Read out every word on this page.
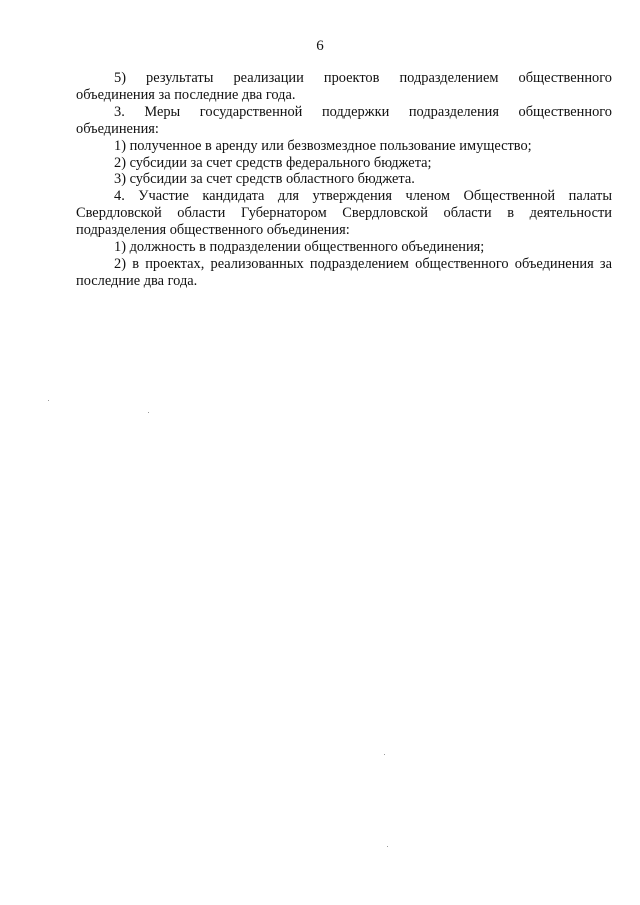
6

5) результаты реализации проектов подразделением общественного объединения за последние два года.

3. Меры государственной поддержки подразделения общественного объединения:

1) полученное в аренду или безвозмездное пользование имущество;

2) субсидии за счет средств федерального бюджета;

3) субсидии за счет средств областного бюджета.

4. Участие кандидата для утверждения членом Общественной палаты Свердловской области Губернатором Свердловской области в деятельности подразделения общественного объединения:

1) должность в подразделении общественного объединения;

2) в проектах, реализованных подразделением общественного объединения за последние два года.
